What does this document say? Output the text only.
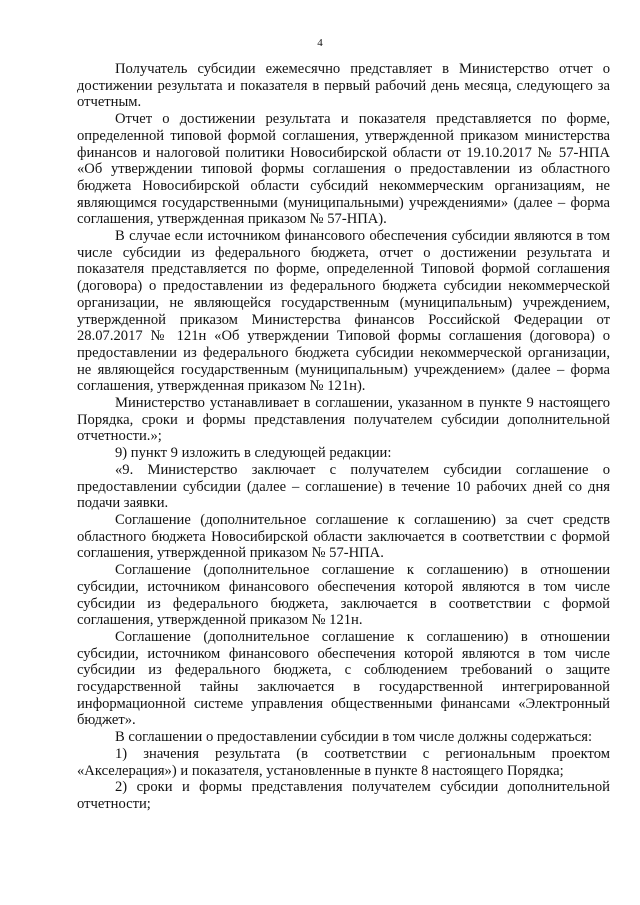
4

Получатель субсидии ежемесячно представляет в Министерство отчет о достижении результата и показателя в первый рабочий день месяца, следующего за отчетным.

Отчет о достижении результата и показателя представляется по форме, определенной типовой формой соглашения, утвержденной приказом министерства финансов и налоговой политики Новосибирской области от 19.10.2017 № 57-НПА «Об утверждении типовой формы соглашения о предоставлении из областного бюджета Новосибирской области субсидий некоммерческим организациям, не являющимся государственными (муниципальными) учреждениями» (далее – форма соглашения, утвержденная приказом № 57-НПА).

В случае если источником финансового обеспечения субсидии являются в том числе субсидии из федерального бюджета, отчет о достижении результата и показателя представляется по форме, определенной Типовой формой соглашения (договора) о предоставлении из федерального бюджета субсидии некоммерческой организации, не являющейся государственным (муниципальным) учреждением, утвержденной приказом Министерства финансов Российской Федерации от 28.07.2017 № 121н «Об утверждении Типовой формы соглашения (договора) о предоставлении из федерального бюджета субсидии некоммерческой организации, не являющейся государственным (муниципальным) учреждением» (далее – форма соглашения, утвержденная приказом № 121н).

Министерство устанавливает в соглашении, указанном в пункте 9 настоящего Порядка, сроки и формы представления получателем субсидии дополнительной отчетности.»;

9) пункт 9 изложить в следующей редакции:

«9. Министерство заключает с получателем субсидии соглашение о предоставлении субсидии (далее – соглашение) в течение 10 рабочих дней со дня подачи заявки.

Соглашение (дополнительное соглашение к соглашению) за счет средств областного бюджета Новосибирской области заключается в соответствии с формой соглашения, утвержденной приказом № 57-НПА.

Соглашение (дополнительное соглашение к соглашению) в отношении субсидии, источником финансового обеспечения которой являются в том числе субсидии из федерального бюджета, заключается в соответствии с формой соглашения, утвержденной приказом № 121н.

Соглашение (дополнительное соглашение к соглашению) в отношении субсидии, источником финансового обеспечения которой являются в том числе субсидии из федерального бюджета, с соблюдением требований о защите государственной тайны заключается в государственной интегрированной информационной системе управления общественными финансами «Электронный бюджет».

В соглашении о предоставлении субсидии в том числе должны содержаться:

1) значения результата (в соответствии с региональным проектом «Акселерация») и показателя, установленные в пункте 8 настоящего Порядка;

2) сроки и формы представления получателем субсидии дополнительной отчетности;
